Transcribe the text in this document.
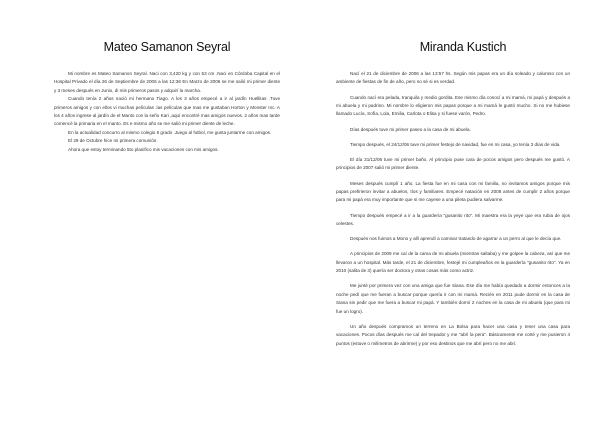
Mateo Samanon Seyral

Mi nombre es Mateo Samanon Seyral. Naci con 3,420 kg y con 53 cm .Naci en Córdoba Capital en el Hospital Privado el día 26 de Septiembre de 2006 a las 12:36 En Marzo de 2006 se me salió mi primer diente y 3 meses después en Junio, di mis primeros pasos y adquirí la marcha.

Cuando tenía 2 años nació mi hermano Tiago. A los 3 años empecé a ir al jardín Huellitas .Tuve primeros amigos y con ellos vi muchas películas .las películas que mas me gustaban Horton y Monster Inc. A los 4 años ingrese al jardín de el Manto con la seño Kari ,aquí encontré mas amigos nuevos. 2 años mas tarde comencé la primaria en el manto. Es e mismo año se me salió mi primer diente de leche.

En la actualidad concurro al mismo colegio 5 grado .Juego al futbol, me gusta juntarme con amigos.

El 29 de Octubre hice mi primera comunión.

Ahora que estoy terminando 5to planifico mis vacaciones con mis amigos.

Miranda Kustich

Nací el 21 de diciembre de 2006 a las 13:57 hs. Según mis papas era un día soleado y caluroso con un ambiente de fiestas de fin de año, pero no sé si es verdad.

Cuando nací era pelada, tranquila y medio gordita. Ese mismo día conocí a mi mamá, mi papá y después a mi abuela y mi padrino. Mi nombre lo eligieron mis papas porque a mi mamá le gustó mucho. Si no me hubiese llamado Lucía, Sofía, Lola, Emilia, Carlota o Elisa y si fuese varón, Pedro.

Días después tuve mi primer paseo a la casa de mi abuela.

Tiempo después, el 24/12/06 tuve mi primer festejo de navidad, fue en mi casa, yo tenía 3 días de vida.

El día 31/12/06 tuve mi primer baño. Al principio puse cara de pocos amigos pero después me gustó. A principios de 2007 salió mi primer diente.

Meses después cumplí 1 año. La fiesta fue en mi casa con mi familia, no invitamos amigos porque mis papas prefirieron invitar a abuelos, tíos y familiares. Empecé natación en 2008 antes de cumplir 2 años porque para mi papá era muy importante que si me cayese a una pileta pudiera salvarme.

Tiempo después empecé a ir a la guardería "gusanito rito". Mi maestra era la yeye que era rubia de ojos celestes.

Después nos fuimos a Mono y allí aprendí a caminar tratando de agarrar a un perro al que le decía que.

A principios de 2009 me caí de la cama de mi abuela (mientras saltaba) y me golpee la cabeza, así que me llevaron a un hospital. Más tarde, el 21 de diciembre, festejé mi cumpleaños en la guardería "gusanito rito". Ya en 2010 (salita de 3) quería ser doctora y otras cosas más como actriz.

Me junté por primera vez con una amiga que fue Siana. Ese día me había quedado a dormir entonces a la noche pedí que me fueran a buscar porque quería ir con mi mamá. Recién en 2011 pude dormir en la casa de Siana sin pedir que me fuera a buscar mi papá. Y también dormí 2 noches en la casa de mi abuela (que para mi fue un logro).

Un año después compramos un terreno en La Bolsa para hacer una casa y tener una casa para vacaciones. Pocos días después me caí del trepador y me "abrí la pera". Básicamente me corté y me pusieron 4 puntos (estuve o milímetros de abrirme) y por eso destinos que me abrí pero no me abrí.
